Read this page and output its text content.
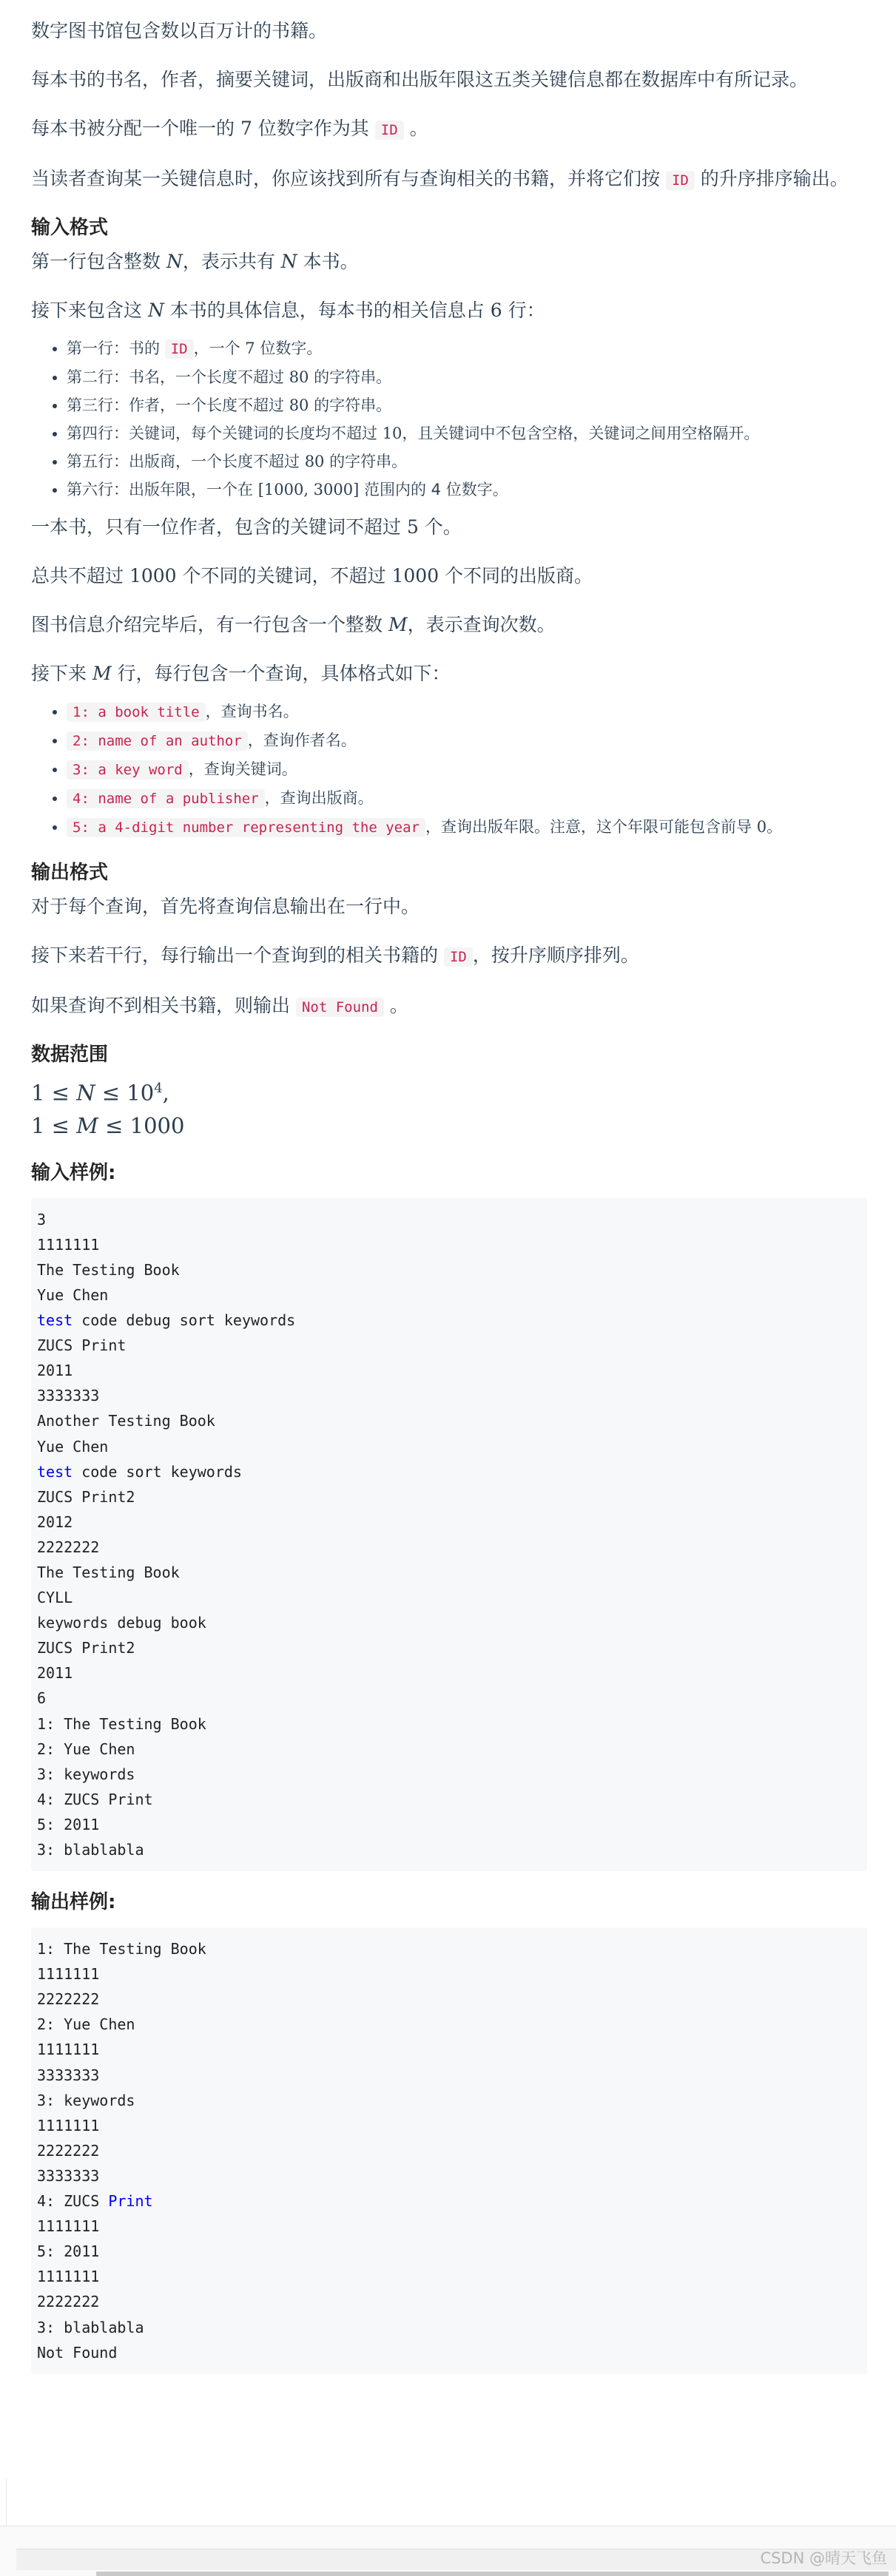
数字图书馆包含数以百万计的书籍。

每本书的书名，作者，摘要关键词，出版商和出版年限这五类关键信息都在数据库中有所记录。

每本书被分配一个唯一的 7 位数字作为其 ID 。

当读者查询某一关键信息时，你应该找到所有与查询相关的书籍，并将它们按 ID 的升序排序输出。

输入格式

第一行包含整数 N，表示共有 N 本书。

接下来包含这 N 本书的具体信息，每本书的相关信息占 6 行：

• 第一行：书的 ID ，一个 7 位数字。
• 第二行：书名，一个长度不超过 80 的字符串。
• 第三行：作者，一个长度不超过 80 的字符串。
• 第四行：关键词，每个关键词的长度均不超过 10，且关键词中不包含空格，关键词之间用空格隔开。
• 第五行：出版商，一个长度不超过 80 的字符串。
• 第六行：出版年限，一个在 [1000, 3000] 范围内的 4 位数字。

一本书，只有一位作者，包含的关键词不超过 5 个。

总共不超过 1000 个不同的关键词，不超过 1000 个不同的出版商。

图书信息介绍完毕后，有一行包含一个整数 M，表示查询次数。

接下来 M 行，每行包含一个查询，具体格式如下：

• 1: a book title ，查询书名。
• 2: name of an author ，查询作者名。
• 3: a key word ，查询关键词。
• 4: name of a publisher ，查询出版商。
• 5: a 4-digit number representing the year ，查询出版年限。注意，这个年限可能包含前导 0。
输出格式

对于每个查询，首先将查询信息输出在一行中。

接下来若干行，每行输出一个查询到的相关书籍的 ID ，按升序顺序排列。

如果查询不到相关书籍，则输出 Not Found 。

数据范围
$1 \le N \le 10^4$,
1 ≤ M ≤ 1000
输入样例:
3
1111111
The Testing Book
Yue Chen
test code debug sort keywords
ZUCS Print
2011
3333333
Another Testing Book
Yue Chen
test code sort keywords
ZUCS Print2
2012
2222222
The Testing Book
CYLL
keywords debug book
ZUCS Print2
2011
6
1: The Testing Book
2: Yue Chen
3: keywords
4: ZUCS Print
5: 2011
3: blablabla
输出样例:
1: The Testing Book
1111111
2222222
2: Yue Chen
1111111
3333333
3: keywords
1111111
2222222
3333333
4: ZUCS Print
1111111
5: 2011
1111111
2222222
3: blablabla
Not Found
CSDN @晴天飞鱼
